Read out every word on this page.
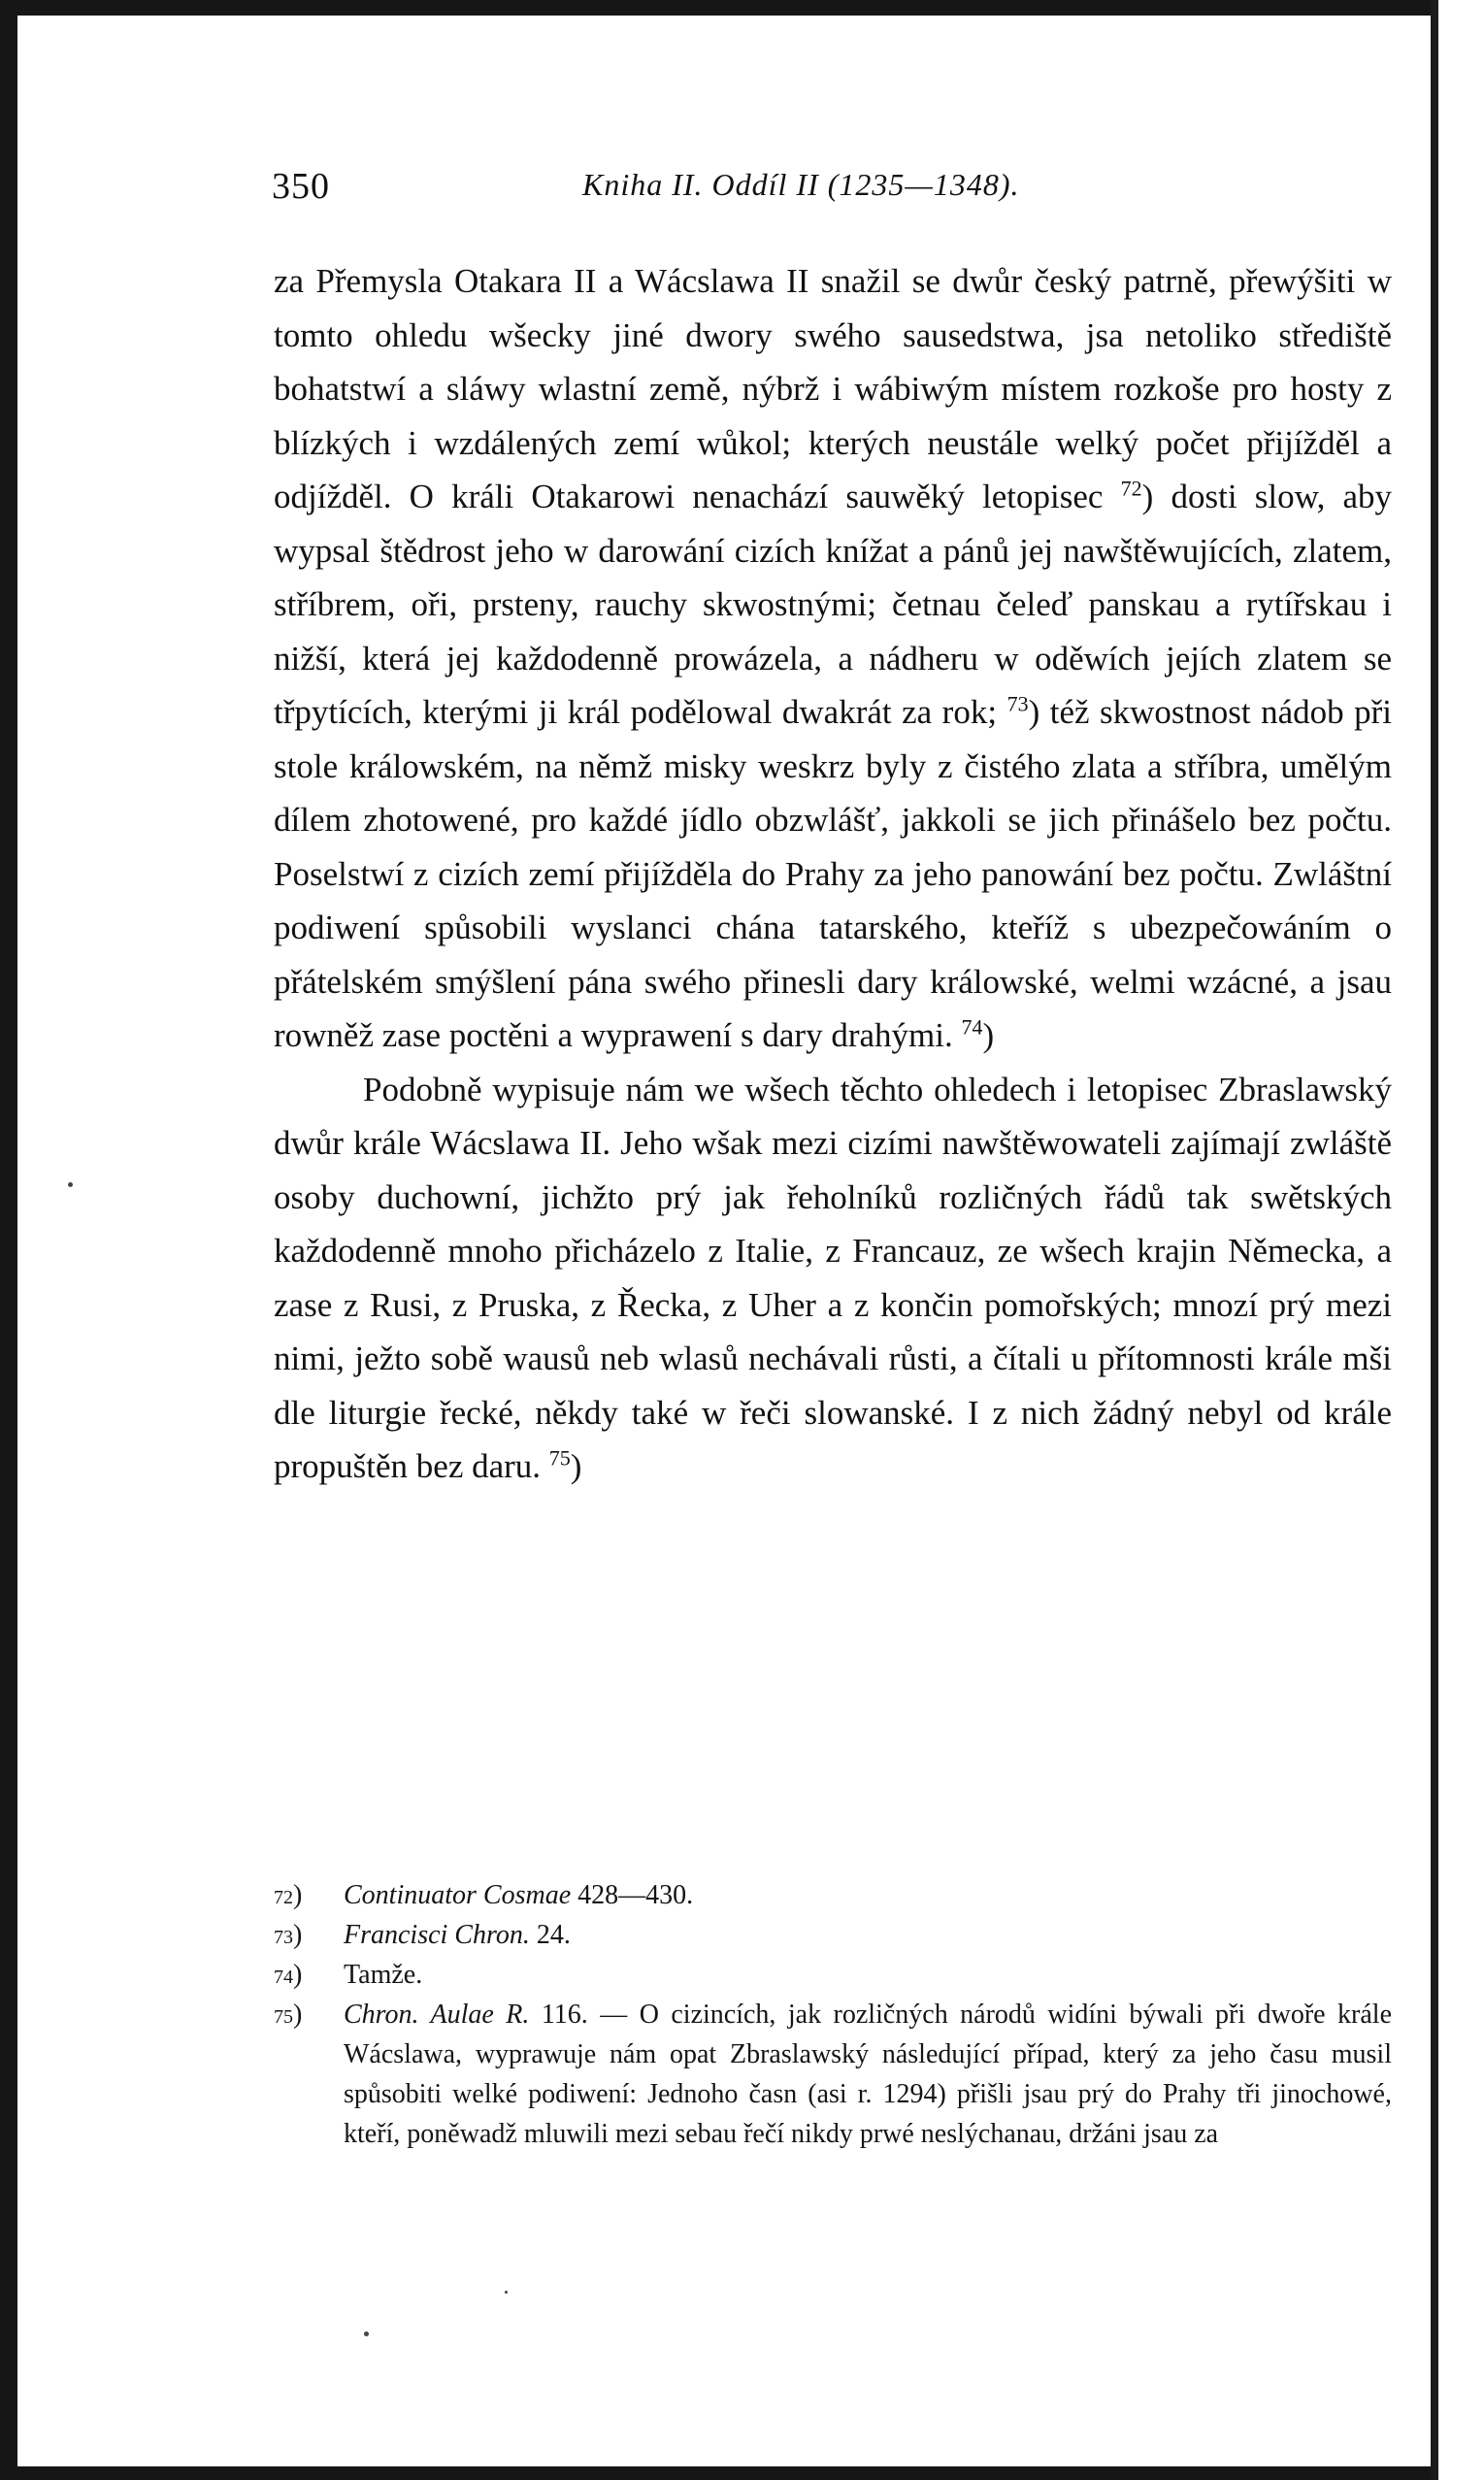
350	Kniha II. Oddíl II (1235—1348).

za Přemysla Otakara II a Wácslawa II snažil se dwůr český patrně, přewýšiti w tomto ohledu wšecky jiné dwory swého sausedstwa, jsa netoliko střediště bohatstwí a sláwy wlastní země, nýbrž i wábiwým místem rozkoše pro hosty z blízkých i wzdálených zemí wůkol; kterých neustále welký počet přijížděl a odjížděl. O králi Otakarowi nenachází sauwěký letopisec $^{72}$) dosti slow, aby wypsal štědrost jeho w darowání cizích knížat a pánů jej nawštěwujících, zlatem, stříbrem, oři, prsteny, rauchy skwostnými; četnau čeleď panskau a rytířskau i nižší, která jej každodenně prowázela, a nádheru w oděwích jejích zlatem se třpytících, kterými ji král podělowal dwakrát za rok; $^{73}$) též skwostnost nádob při stole králowském, na němž misky weskrz byly z čistého zlata a stříbra, umělým dílem zhotowené, pro každé jídlo obzwlášť, jakkoli se jich přinášelo bez počtu. Poselstwí z cizích zemí přijížděla do Prahy za jeho panowání bez počtu. Zwláštní podiwení spůsobili wyslanci chána tatarského, kteříž s ubezpečowáním o přátelském smýšlení pána swého přinesli dary králowské, welmi wzácné, a jsau rowněž zase poctěni a wyprawení s dary drahými. $^{74}$)

Podobně wypisuje nám we wšech těchto ohledech i letopisec Zbraslawský dwůr krále Wácslawa II. Jeho wšak mezi cizími nawštěwowateli zajímají zwláště osoby duchowní, jichžto prý jak řeholníků rozličných řádů tak swětských každodenně mnoho přicházelo z Italie, z Francauz, ze wšech krajin Německa, a zase z Rusi, z Pruska, z Řecka, z Uher a z končin pomořských; mnozí prý mezi nimi, ježto sobě wausů neb wlasů nechávali růsti, a čítali u přítomnosti krále mši dle liturgie řecké, někdy také w řeči slowanské. I z nich žádný nebyl od krále propuštěn bez daru. $^{75}$)

72 )	Continuator Cosmae 428—430.
73 )	Francisci Chron. 24.
74 )	Tamže.
75 )	Chron. Aulae R. 116. — O cizincích, jak rozličných národů widíni býwali při dwoře krále Wácslawa, wyprawuje nám opat Zbraslawský následující případ, který za jeho času musil spůsobiti welké podiwení: Jednoho časn (asi r. 1294) přišli jsau prý do Prahy tři jinochowé, kteří, poněwadž mluwili mezi sebau řečí nikdy prwé neslýchanau, držáni jsau za
